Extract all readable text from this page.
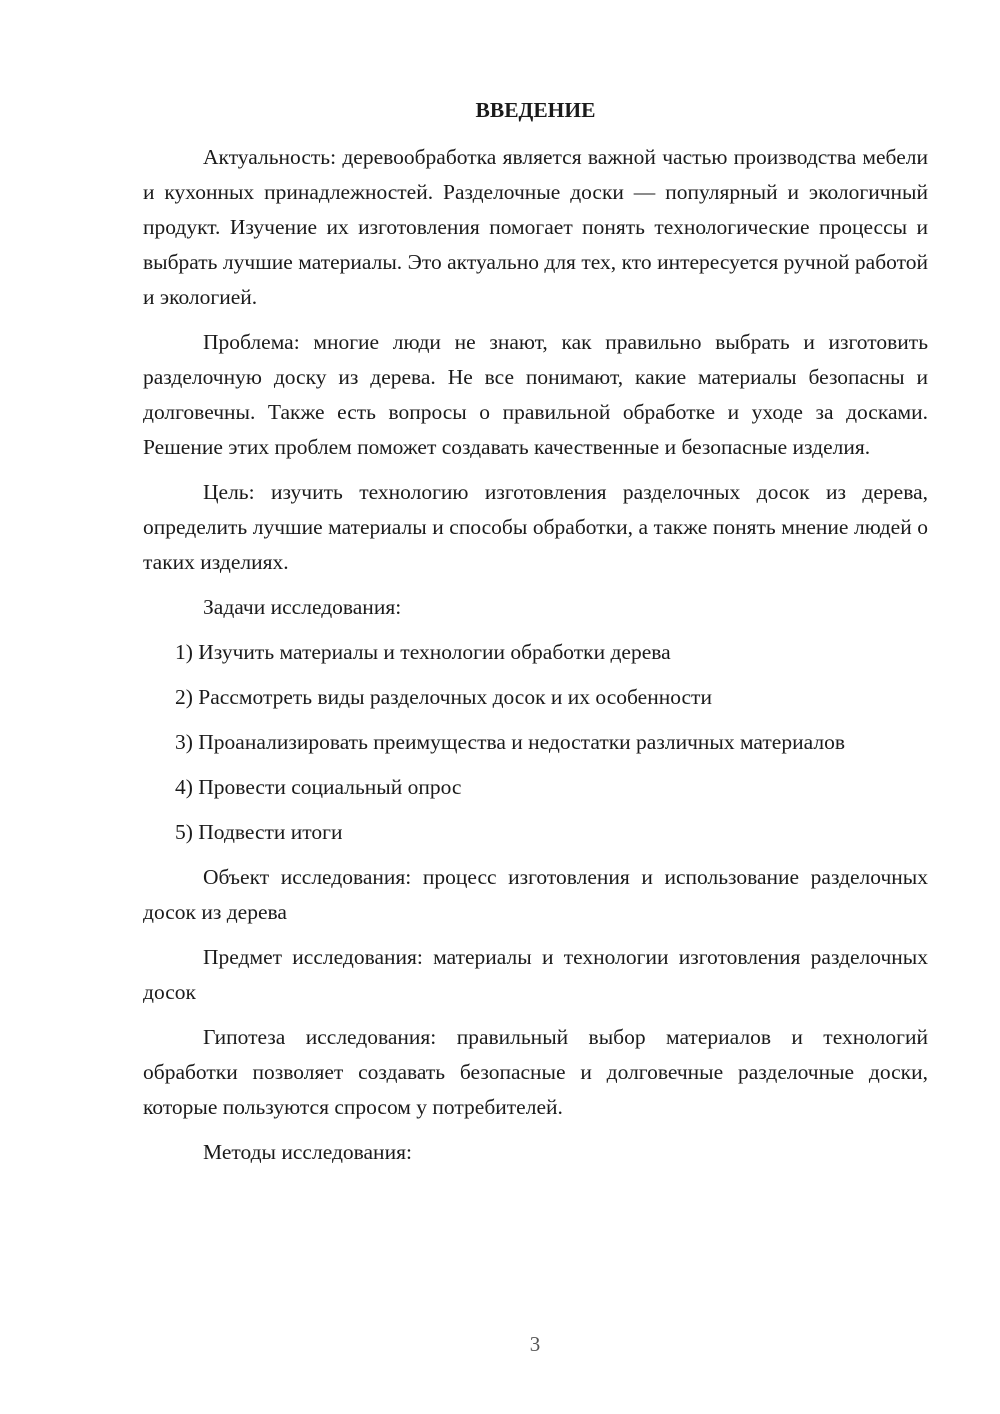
ВВЕДЕНИЕ

Актуальность: деревообработка является важной частью производства мебели и кухонных принадлежностей. Разделочные доски — популярный и экологичный продукт. Изучение их изготовления помогает понять технологические процессы и выбрать лучшие материалы. Это актуально для тех, кто интересуется ручной работой и экологией.

Проблема: многие люди не знают, как правильно выбрать и изготовить разделочную доску из дерева. Не все понимают, какие материалы безопасны и долговечны. Также есть вопросы о правильной обработке и уходе за досками. Решение этих проблем поможет создавать качественные и безопасные изделия.

Цель: изучить технологию изготовления разделочных досок из дерева, определить лучшие материалы и способы обработки, а также понять мнение людей о таких изделиях.

Задачи исследования:

1) Изучить материалы и технологии обработки дерева

2) Рассмотреть виды разделочных досок и их особенности

3) Проанализировать преимущества и недостатки различных материалов

4) Провести социальный опрос

5) Подвести итоги

Объект исследования: процесс изготовления и использование разделочных досок из дерева

Предмет исследования: материалы и технологии изготовления разделочных досок

Гипотеза исследования: правильный выбор материалов и технологий обработки позволяет создавать безопасные и долговечные разделочные доски, которые пользуются спросом у потребителей.

Методы исследования:

3
